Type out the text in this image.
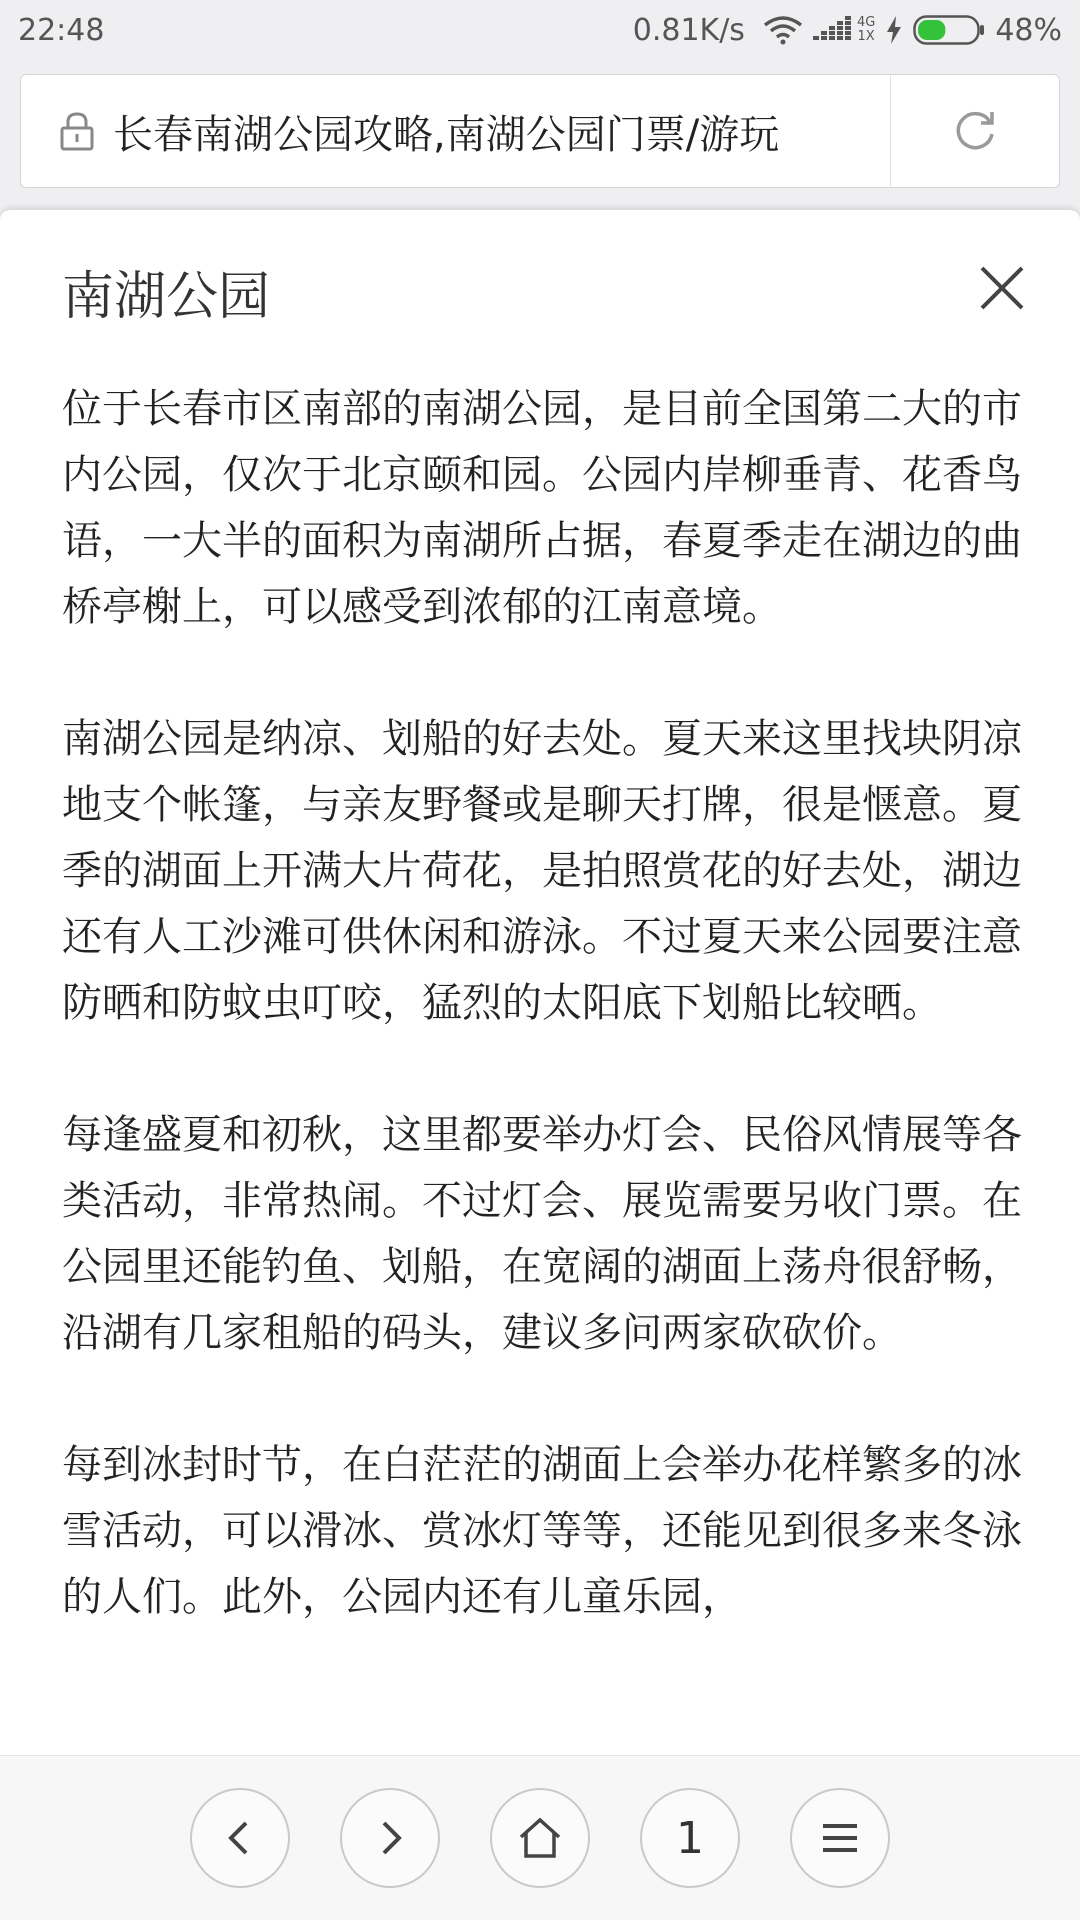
22:48	0.81K/s	4G
1X	48%
长春南湖公园攻略,南湖公园门票/游玩
南湖公园

位于长春市区南部的南湖公园，是目前全国第二大的市内公园，仅次于北京颐和园。公园内岸柳垂青、花香鸟语，一大半的面积为南湖所占据，春夏季走在湖边的曲桥亭榭上，可以感受到浓郁的江南意境。

南湖公园是纳凉、划船的好去处。夏天来这里找块阴凉地支个帐篷，与亲友野餐或是聊天打牌，很是惬意。夏季的湖面上开满大片荷花，是拍照赏花的好去处，湖边还有人工沙滩可供休闲和游泳。不过夏天来公园要注意防晒和防蚊虫叮咬，猛烈的太阳底下划船比较晒。

每逢盛夏和初秋，这里都要举办灯会、民俗风情展等各类活动，非常热闹。不过灯会、展览需要另收门票。在公园里还能钓鱼、划船，在宽阔的湖面上荡舟很舒畅，沿湖有几家租船的码头，建议多问两家砍砍价。

每到冰封时节，在白茫茫的湖面上会举办花样繁多的冰雪活动，可以滑冰、赏冰灯等等，还能见到很多来冬泳的人们。此外，公园内还有儿童乐园，

1
